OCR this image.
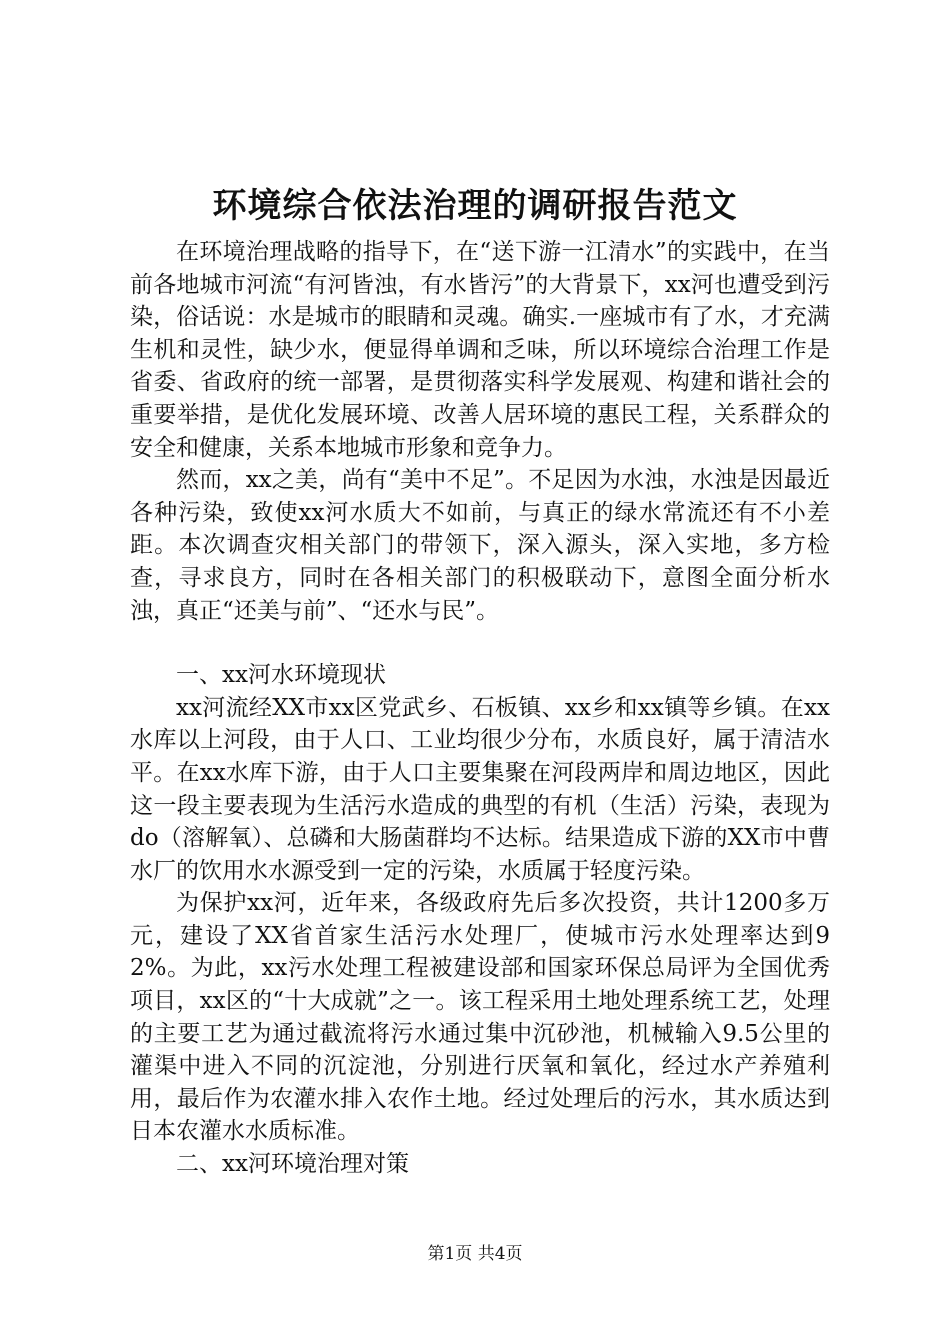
环境综合依法治理的调研报告范文

在环境治理战略的指导下，在“送下游一江清水”的实践中，在当前各地城市河流“有河皆浊，有水皆污”的大背景下，xx河也遭受到污染，俗话说：水是城市的眼睛和灵魂。确实.一座城市有了水，才充满生机和灵性，缺少水，便显得单调和乏味，所以环境综合治理工作是省委、省政府的统一部署，是贯彻落实科学发展观、构建和谐社会的重要举措，是优化发展环境、改善人居环境的惠民工程，关系群众的安全和健康，关系本地城市形象和竞争力。

然而，xx之美，尚有“美中不足”。不足因为水浊，水浊是因最近各种污染，致使xx河水质大不如前，与真正的绿水常流还有不小差距。本次调查灾相关部门的带领下，深入源头，深入实地，多方检查，寻求良方，同时在各相关部门的积极联动下，意图全面分析水浊，真正“还美与前”、“还水与民”。

一、xx河水环境现状

xx河流经XX市xx区党武乡、石板镇、xx乡和xx镇等乡镇。在xx水库以上河段，由于人口、工业均很少分布，水质良好，属于清洁水平。在xx水库下游，由于人口主要集聚在河段两岸和周边地区，因此这一段主要表现为生活污水造成的典型的有机（生活）污染，表现为do（溶解氧）、总磷和大肠菌群均不达标。结果造成下游的XX市中曹水厂的饮用水水源受到一定的污染，水质属于轻度污染。

为保护xx河，近年来，各级政府先后多次投资，共计1200多万元，建设了XX省首家生活污水处理厂，使城市污水处理率达到92%。为此，xx污水处理工程被建设部和国家环保总局评为全国优秀项目，xx区的“十大成就”之一。该工程采用土地处理系统工艺，处理的主要工艺为通过截流将污水通过集中沉砂池，机械输入9.5公里的灌渠中进入不同的沉淀池，分别进行厌氧和氧化，经过水产养殖利用，最后作为农灌水排入农作土地。经过处理后的污水，其水质达到日本农灌水水质标准。

二、xx河环境治理对策

第1页 共4页
